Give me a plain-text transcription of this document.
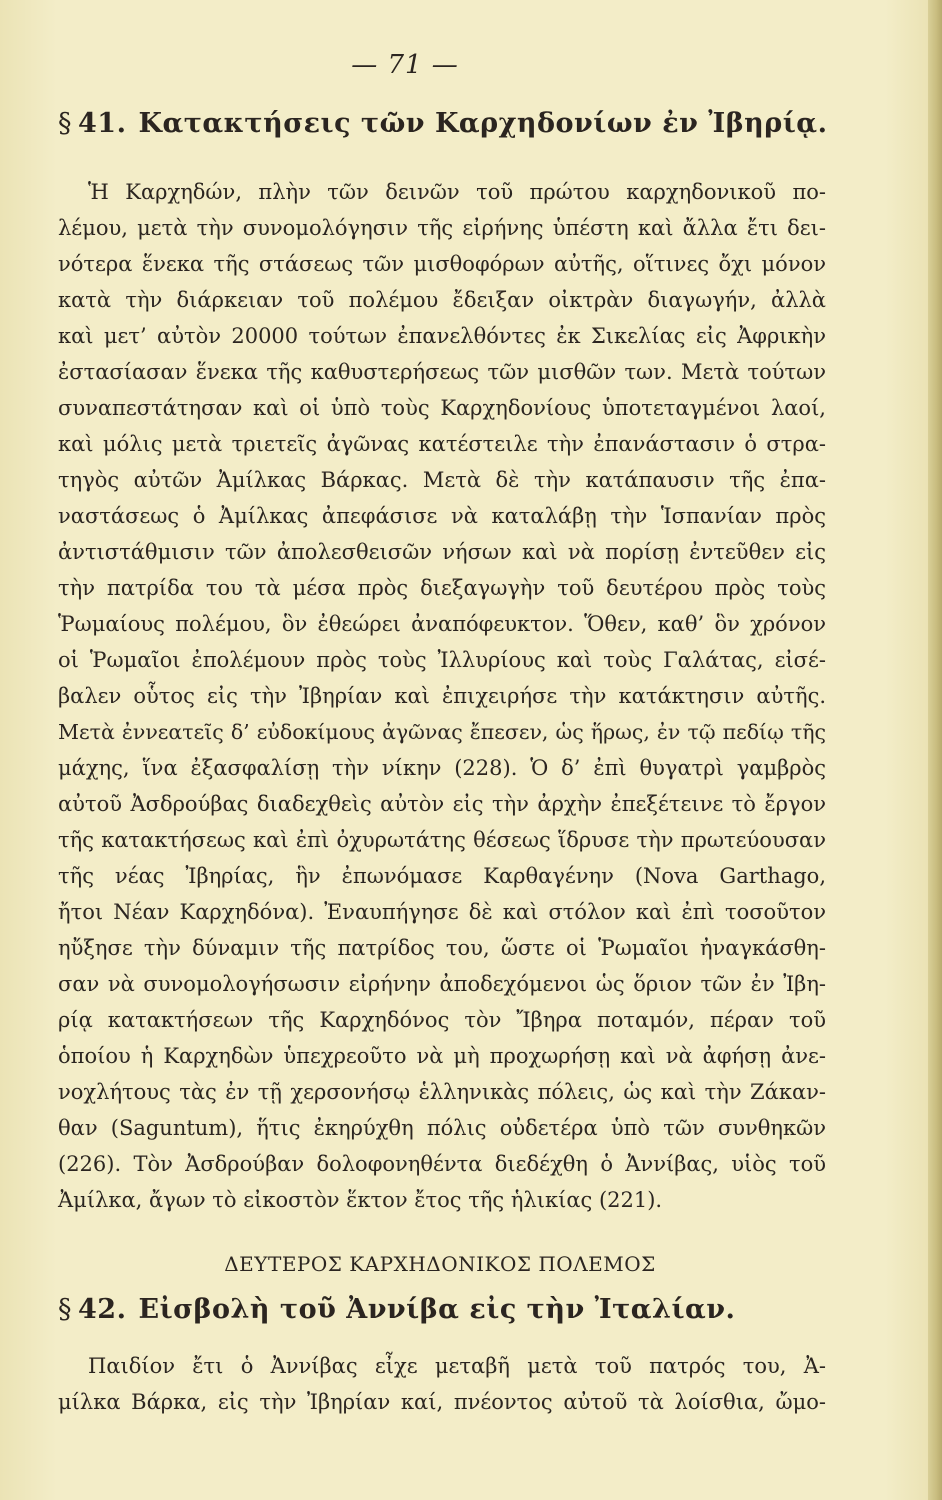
— 71 —
§ 41. Κατακτήσεις τῶν Καρχηδονίων ἐν Ἰβηρίᾳ.
Ἡ Καρχηδών, πλὴν τῶν δεινῶν τοῦ πρώτου καρχηδονικοῦ πο-
λέμου, μετὰ τὴν συνομολόγησιν τῆς εἰρήνης ὑπέστη καὶ ἄλλα ἔτι δει-
νότερα ἕνεκα τῆς στάσεως τῶν μισθοφόρων αὐτῆς, οἵτινες ὄχι μόνον
κατὰ τὴν διάρκειαν τοῦ πολέμου ἔδειξαν οἰκτρὰν διαγωγήν, ἀλλὰ
καὶ μετ’ αὐτὸν 20000 τούτων ἐπανελθόντες ἐκ Σικελίας εἰς Ἀφρικὴν
ἐστασίασαν ἕνεκα τῆς καθυστερήσεως τῶν μισθῶν των. Μετὰ τούτων
συναπεστάτησαν καὶ οἱ ὑπὸ τοὺς Καρχηδονίους ὑποτεταγμένοι λαοί,
καὶ μόλις μετὰ τριετεῖς ἀγῶνας κατέστειλε τὴν ἐπανάστασιν ὁ στρα-
τηγὸς αὐτῶν Ἀμίλκας Βάρκας. Μετὰ δὲ τὴν κατάπαυσιν τῆς ἐπα-
ναστάσεως ὁ Ἀμίλκας ἀπεφάσισε νὰ καταλάβῃ τὴν Ἱσπανίαν πρὸς
ἀντιστάθμισιν τῶν ἀπολεσθεισῶν νήσων καὶ νὰ πορίσῃ ἐντεῦθεν εἰς
τὴν πατρίδα του τὰ μέσα πρὸς διεξαγωγὴν τοῦ δευτέρου πρὸς τοὺς
Ῥωμαίους πολέμου, ὃν ἐθεώρει ἀναπόφευκτον. Ὅθεν, καθ’ ὃν χρόνον
οἱ Ῥωμαῖοι ἐπολέμουν πρὸς τοὺς Ἰλλυρίους καὶ τοὺς Γαλάτας, εἰσέ-
βαλεν οὗτος εἰς τὴν Ἰβηρίαν καὶ ἐπιχειρήσε τὴν κατάκτησιν αὐτῆς.
Μετὰ ἐννεατεῖς δ’ εὐδοκίμους ἀγῶνας ἔπεσεν, ὡς ἥρως, ἐν τῷ πεδίῳ τῆς
μάχης, ἵνα ἐξασφαλίσῃ τὴν νίκην (228). Ὁ δ’ ἐπὶ θυγατρὶ γαμβρὸς
αὐτοῦ Ἀσδρούβας διαδεχθεὶς αὐτὸν εἰς τὴν ἀρχὴν ἐπεξέτεινε τὸ ἔργον
τῆς κατακτήσεως καὶ ἐπὶ ὀχυρωτάτης θέσεως ἵδρυσε τὴν πρωτεύουσαν
τῆς νέας Ἰβηρίας, ἣν ἐπωνόμασε Καρθαγένην (Nova Garthago,
ἤτοι Νέαν Καρχηδόνα). Ἐναυπήγησε δὲ καὶ στόλον καὶ ἐπὶ τοσοῦτον
ηὔξησε τὴν δύναμιν τῆς πατρίδος του, ὥστε οἱ Ῥωμαῖοι ἠναγκάσθη-
σαν νὰ συνομολογήσωσιν εἰρήνην ἀποδεχόμενοι ὡς ὅριον τῶν ἐν Ἰβη-
ρίᾳ κατακτήσεων τῆς Καρχηδόνος τὸν Ἴβηρα ποταμόν, πέραν τοῦ
ὁποίου ἡ Καρχηδὼν ὑπεχρεοῦτο νὰ μὴ προχωρήσῃ καὶ νὰ ἀφήσῃ ἀνε-
νοχλήτους τὰς ἐν τῇ χερσονήσῳ ἑλληνικὰς πόλεις, ὡς καὶ τὴν Ζάκαν-
θαν (Saguntum), ἥτις ἐκηρύχθη πόλις οὐδετέρα ὑπὸ τῶν συνθηκῶν
(226). Τὸν Ἀσδρούβαν δολοφονηθέντα διεδέχθη ὁ Ἀννίβας, υἱὸς τοῦ
Ἀμίλκα, ἄγων τὸ εἰκοστὸν ἕκτον ἔτος τῆς ἡλικίας (221).
ΔΕΥΤΕΡΟΣ ΚΑΡΧΗΔΟΝΙΚΟΣ ΠΟΛΕΜΟΣ
§ 42. Εἰσβολὴ τοῦ Ἀννίβα εἰς τὴν Ἰταλίαν.
Παιδίον ἔτι ὁ Ἀννίβας εἶχε μεταβῆ μετὰ τοῦ πατρός του, Ἀ-
μίλκα Βάρκα, εἰς τὴν Ἰβηρίαν καί, πνέοντος αὐτοῦ τὰ λοίσθια, ὤμο-
